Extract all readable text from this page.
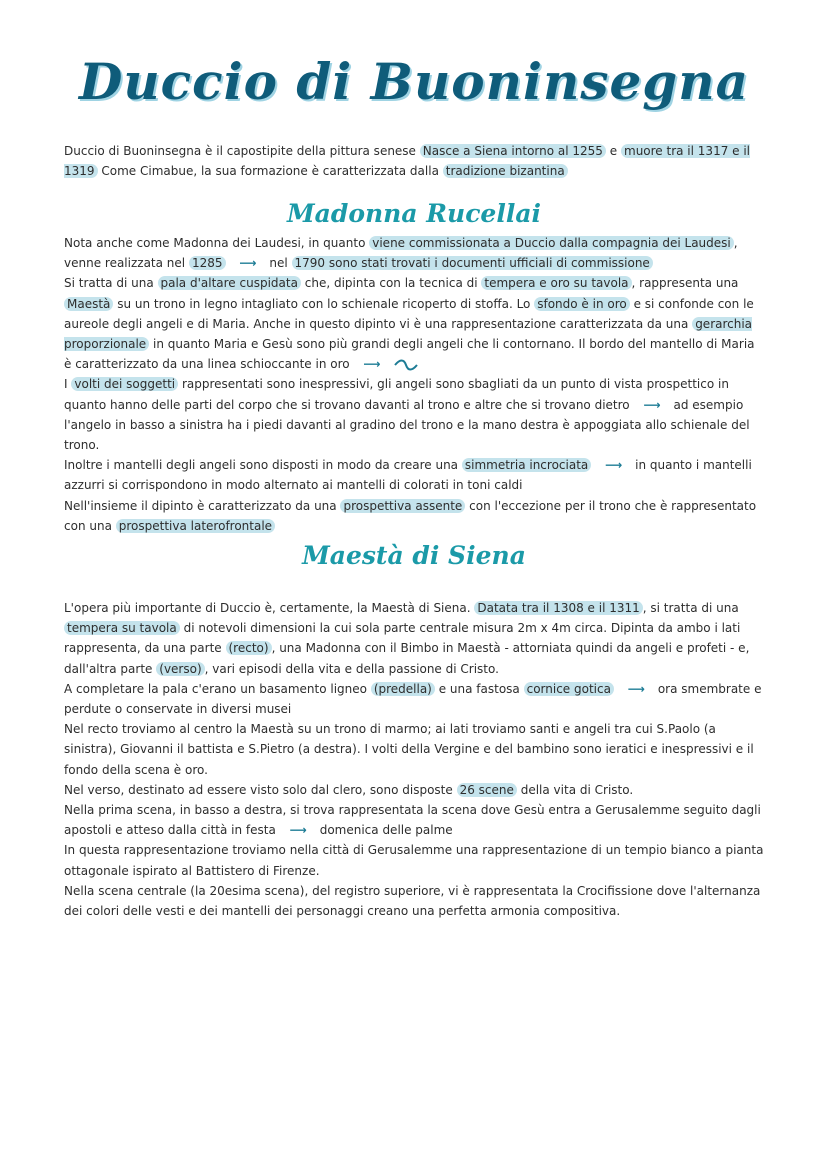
Duccio di Buoninsegna

Duccio di Buoninsegna è il capostipite della pittura senese Nasce a Siena intorno al 1255 e muore tra il 1317 e il 1319 Come Cimabue, la sua formazione è caratterizzata dalla tradizione bizantina

Madonna Rucellai

Nota anche come Madonna dei Laudesi, in quanto viene commissionata a Duccio dalla compagnia dei Laudesi , venne realizzata nel 1285 ⟶ nel 1790 sono stati trovati i documenti ufficiali di commissione

Si tratta di una pala d'altare cuspidata che, dipinta con la tecnica di tempera e oro su tavola , rappresenta una Maestà su un trono in legno intagliato con lo schienale ricoperto di stoffa. Lo sfondo è in oro e si confonde con le aureole degli angeli e di Maria. Anche in questo dipinto vi è una rappresentazione caratterizzata da una gerarchia proporzionale in quanto Maria e Gesù sono più grandi degli angeli che li contornano. Il bordo del mantello di Maria è caratterizzato da una linea schioccante in oro ⟶

I volti dei soggetti rappresentati sono inespressivi, gli angeli sono sbagliati da un punto di vista prospettico in quanto hanno delle parti del corpo che si trovano davanti al trono e altre che si trovano dietro ⟶ ad esempio l'angelo in basso a sinistra ha i piedi davanti al gradino del trono e la mano destra è appoggiata allo schienale del trono.

Inoltre i mantelli degli angeli sono disposti in modo da creare una simmetria incrociata ⟶ in quanto i mantelli azzurri si corrispondono in modo alternato ai mantelli di colorati in toni caldi

Nell'insieme il dipinto è caratterizzato da una prospettiva assente con l'eccezione per il trono che è rappresentato con una prospettiva laterofrontale

Maestà di Siena

L'opera più importante di Duccio è, certamente, la Maestà di Siena. Datata tra il 1308 e il 1311 , si tratta di una tempera su tavola di notevoli dimensioni la cui sola parte centrale misura 2m x 4m circa. Dipinta da ambo i lati rappresenta, da una parte (recto) , una Madonna con il Bimbo in Maestà - attorniata quindi da angeli e profeti - e, dall'altra parte (verso) , vari episodi della vita e della passione di Cristo.

A completare la pala c'erano un basamento ligneo (predella) e una fastosa cornice gotica ⟶ ora smembrate e perdute o conservate in diversi musei

Nel recto troviamo al centro la Maestà su un trono di marmo; ai lati troviamo santi e angeli tra cui S.Paolo (a sinistra), Giovanni il battista e S.Pietro (a destra). I volti della Vergine e del bambino sono ieratici e inespressivi e il fondo della scena è oro.

Nel verso, destinato ad essere visto solo dal clero, sono disposte 26 scene della vita di Cristo.

Nella prima scena, in basso a destra, si trova rappresentata la scena dove Gesù entra a Gerusalemme seguito dagli apostoli e atteso dalla città in festa ⟶ domenica delle palme

In questa rappresentazione troviamo nella città di Gerusalemme una rappresentazione di un tempio bianco a pianta ottagonale ispirato al Battistero di Firenze.

Nella scena centrale (la 20esima scena), del registro superiore, vi è rappresentata la Crocifissione dove l'alternanza dei colori delle vesti e dei mantelli dei personaggi creano una perfetta armonia compositiva.
